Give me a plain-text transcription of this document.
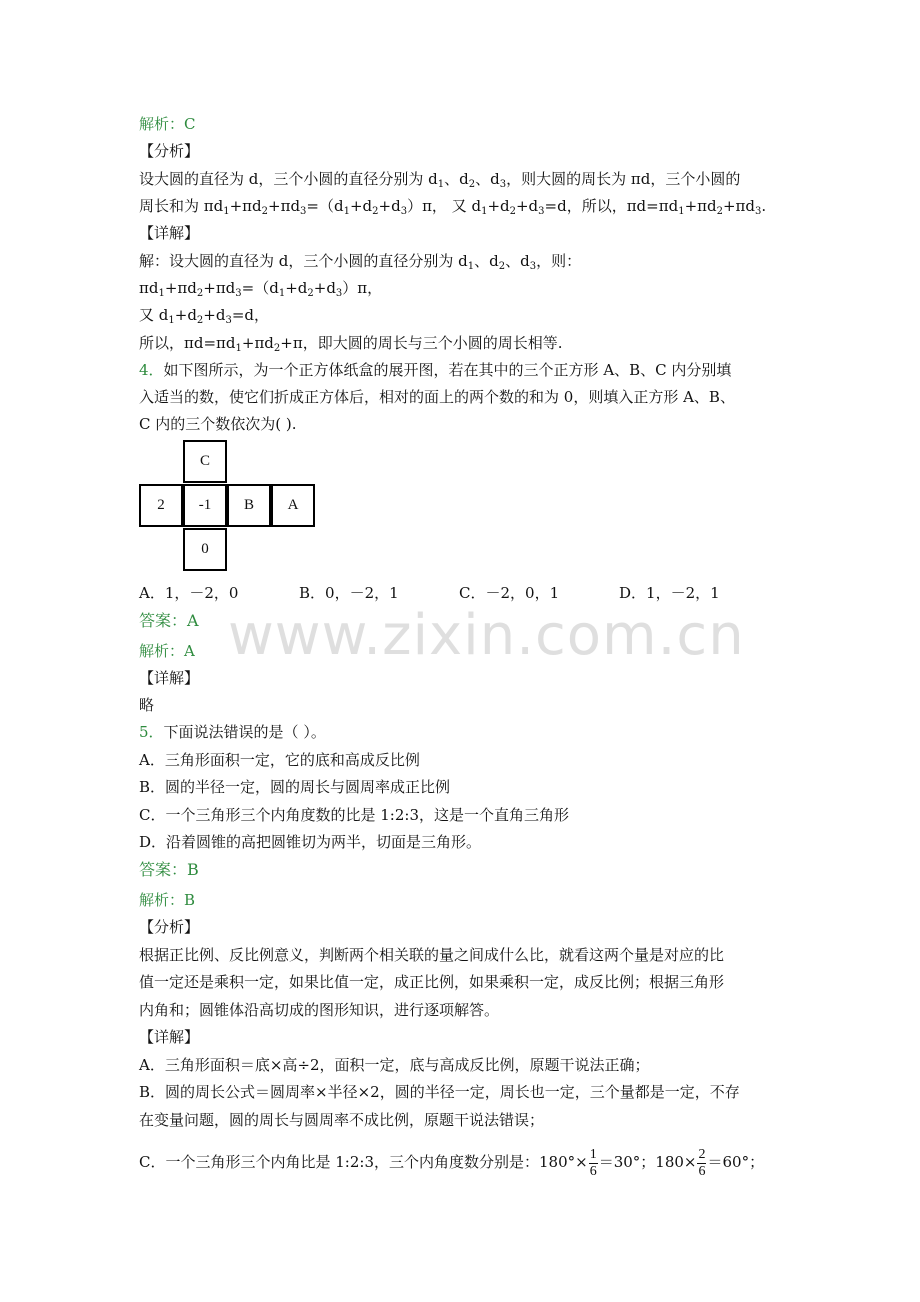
www.zixin.com.cn
解析：C
【分析】
设大圆的直径为 d，三个小圆的直径分别为 $d_1$、$d_2$、$d_3$，则大圆的周长为 πd，三个小圆的
周长和为 $\pi d_1+\pi d_2+\pi d_3=(d_1+d_2+d_3)\pi$， 又 $d_1+d_2+d_3=d$，所以，$\pi d=\pi d_1+\pi d_2+\pi d_3$.
【详解】
解：设大圆的直径为 d，三个小圆的直径分别为 $d_1$、$d_2$、$d_3$，则：
$\pi d_1+\pi d_2+\pi d_3=(d_1+d_2+d_3)\pi$，
又 $d_1+d_2+d_3=d$，
所以，$\pi d=\pi d_1+\pi d_2+\pi$，即大圆的周长与三个小圆的周长相等.
4．如下图所示，为一个正方体纸盒的展开图，若在其中的三个正方形 A、B、C 内分别填
入适当的数，使它们折成正方体后，相对的面上的两个数的和为 0，则填入正方形 A、B、
C 内的三个数依次为( ).
C
2	-1	B	A
0
A．1，－2，0	B．0，－2，1	C．－2，0，1	D．1，－2，1
答案：A
解析：A
【详解】
略
5．下面说法错误的是（ ）。
A．三角形面积一定，它的底和高成反比例
B．圆的半径一定，圆的周长与圆周率成正比例
C．一个三角形三个内角度数的比是 1:2:3，这是一个直角三角形
D．沿着圆锥的高把圆锥切为两半，切面是三角形。
答案：B
解析：B
【分析】
根据正比例、反比例意义，判断两个相关联的量之间成什么比，就看这两个量是对应的比
值一定还是乘积一定，如果比值一定，成正比例，如果乘积一定，成反比例；根据三角形
内角和；圆锥体沿高切成的图形知识，进行逐项解答。
【详解】
A．三角形面积＝底×高÷2，面积一定，底与高成反比例，原题干说法正确；
B．圆的周长公式＝圆周率×半径×2，圆的半径一定，周长也一定，三个量都是一定，不存
在变量问题，圆的周长与圆周率不成比例，原题干说法错误；
C．一个三角形三个内角比是 1:2:3，三个内角度数分别是：$180^\circ\times \frac{1}{6} =30^\circ$；$180\times \frac{2}{6} =60^\circ$；
